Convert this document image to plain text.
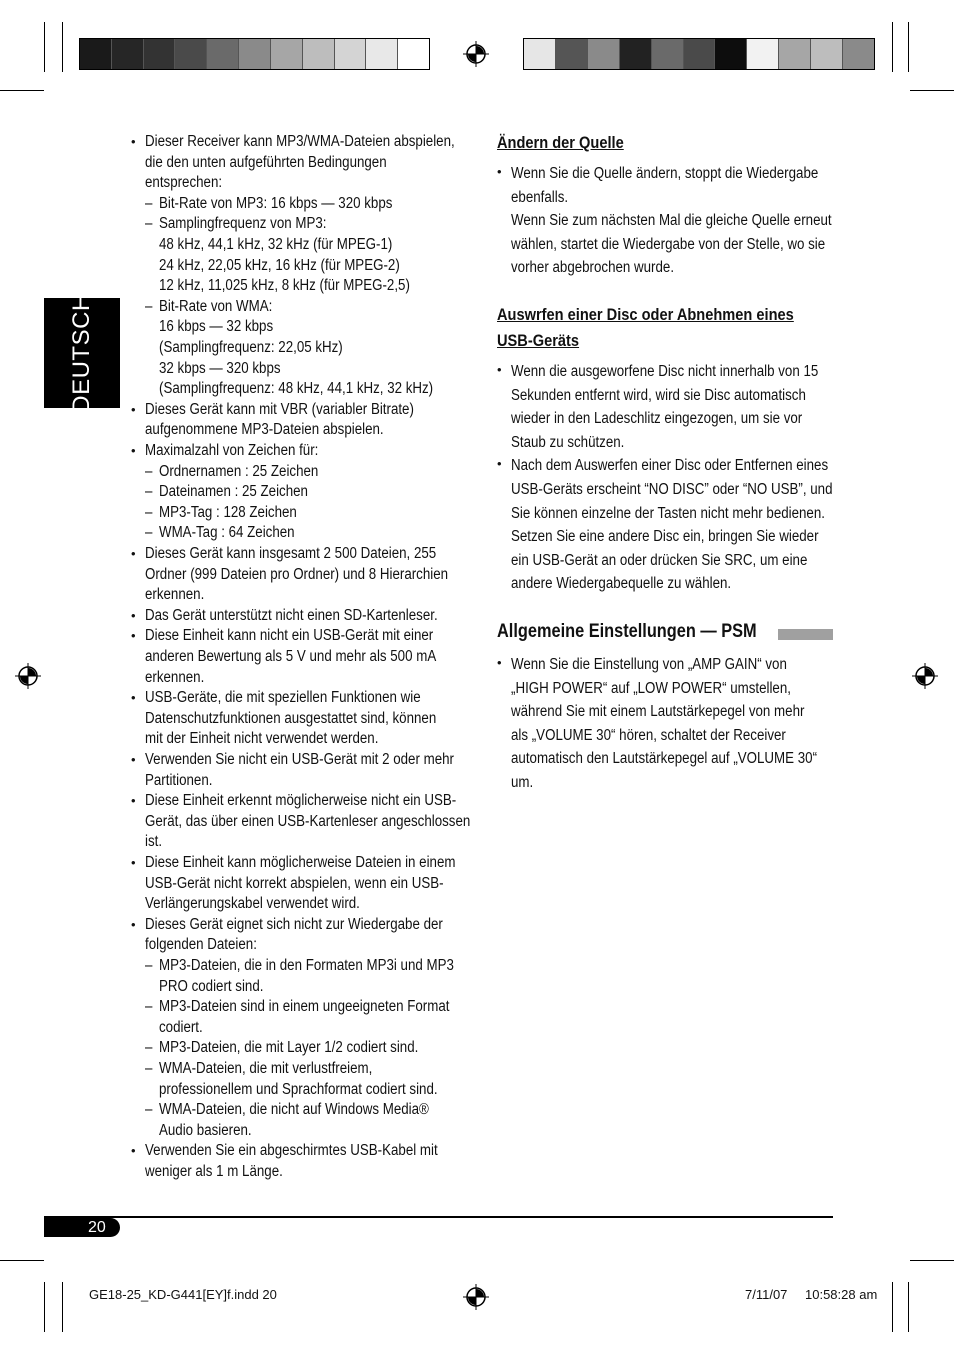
DEUTSCH
• Dieser Receiver kann MP3/WMA-Dateien abspielen,
die den unten aufgeführten Bedingungen
entsprechen:
– Bit-Rate von MP3: 16 kbps — 320 kbps
– Samplingfrequenz von MP3:
48 kHz, 44,1 kHz, 32 kHz (für MPEG-1)
24 kHz, 22,05 kHz, 16 kHz (für MPEG-2)
12 kHz, 11,025 kHz, 8 kHz (für MPEG-2,5)
– Bit-Rate von WMA:
16 kbps — 32 kbps
(Samplingfrequenz: 22,05 kHz)
32 kbps — 320 kbps
(Samplingfrequenz: 48 kHz, 44,1 kHz, 32 kHz)
• Dieses Gerät kann mit VBR (variabler Bitrate)
aufgenommene MP3-Dateien abspielen.
• Maximalzahl von Zeichen für:
– Ordnernamen : 25 Zeichen
– Dateinamen : 25 Zeichen
– MP3-Tag : 128 Zeichen
– WMA-Tag : 64 Zeichen
• Dieses Gerät kann insgesamt 2 500 Dateien, 255
Ordner (999 Dateien pro Ordner) und 8 Hierarchien
erkennen.
• Das Gerät unterstützt nicht einen SD-Kartenleser.
• Diese Einheit kann nicht ein USB-Gerät mit einer
anderen Bewertung als 5 V und mehr als 500 mA
erkennen.
• USB-Geräte, die mit speziellen Funktionen wie
Datenschutzfunktionen ausgestattet sind, können
mit der Einheit nicht verwendet werden.
• Verwenden Sie nicht ein USB-Gerät mit 2 oder mehr
Partitionen.
• Diese Einheit erkennt möglicherweise nicht ein USB-
Gerät, das über einen USB-Kartenleser angeschlossen
ist.
• Diese Einheit kann möglicherweise Dateien in einem
USB-Gerät nicht korrekt abspielen, wenn ein USB-
Verlängerungskabel verwendet wird.
• Dieses Gerät eignet sich nicht zur Wiedergabe der
folgenden Dateien:
– MP3-Dateien, die in den Formaten MP3i und MP3
PRO codiert sind.
– MP3-Dateien sind in einem ungeeigneten Format
codiert.
– MP3-Dateien, die mit Layer 1/2 codiert sind.
– WMA-Dateien, die mit verlustfreiem,
professionellem und Sprachformat codiert sind.
– WMA-Dateien, die nicht auf Windows Media®
Audio basieren.
• Verwenden Sie ein abgeschirmtes USB-Kabel mit
weniger als 1 m Länge.
Ändern der Quelle
• Wenn Sie die Quelle ändern, stoppt die Wiedergabe
ebenfalls.
Wenn Sie zum nächsten Mal die gleiche Quelle erneut
wählen, startet die Wiedergabe von der Stelle, wo sie
vorher abgebrochen wurde.
Auswrfen einer Disc oder Abnehmen eines
USB-Geräts
• Wenn die ausgeworfene Disc nicht innerhalb von 15
Sekunden entfernt wird, wird sie Disc automatisch
wieder in den Ladeschlitz eingezogen, um sie vor
Staub zu schützen.
• Nach dem Auswerfen einer Disc oder Entfernen eines
USB-Geräts erscheint “NO DISC” oder “NO USB”, und
Sie können einzelne der Tasten nicht mehr bedienen.
Setzen Sie eine andere Disc ein, bringen Sie wieder
ein USB-Gerät an oder drücken Sie SRC, um eine
andere Wiedergabequelle zu wählen.
Allgemeine Einstellungen — PSM
• Wenn Sie die Einstellung von „AMP GAIN“ von
„HIGH POWER“ auf „LOW POWER“ umstellen,
während Sie mit einem Lautstärkepegel von mehr
als „VOLUME 30“ hören, schaltet der Receiver
automatisch den Lautstärkepegel auf „VOLUME 30“
um.
20
GE18-25_KD-G441[EY]f.indd 20	7/11/07 10:58:28 am
